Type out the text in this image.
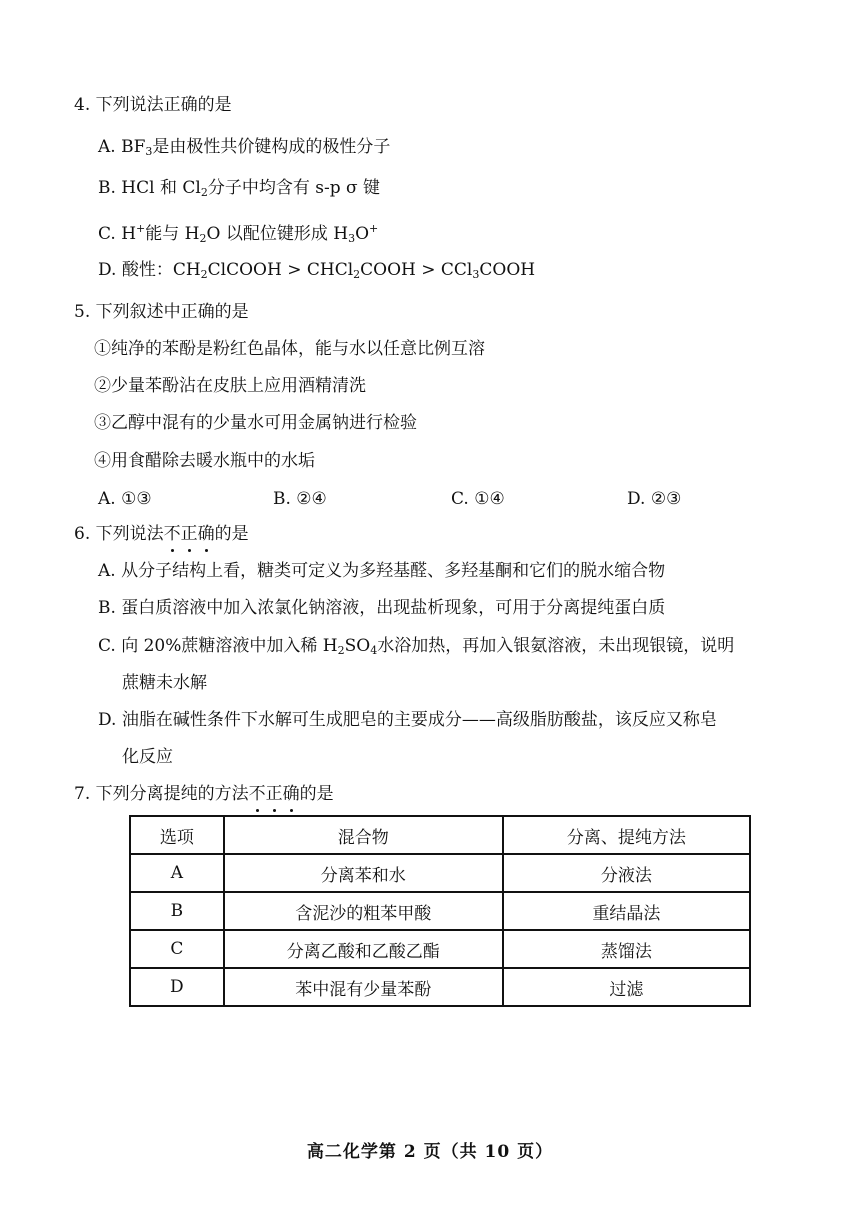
4. 下列说法正确的是
A. $BF_3$是由极性共价键构成的极性分子
B. HCl 和 $Cl_2$分子中均含有 s-p σ 键
C. H+能与 $H_2O$ 以配位键形成 $H_3O^+$
D. 酸性：$CH_2ClCOOH$ > CHCl$_2$COOH > CCl$_3$COOH
5. 下列叙述中正确的是
①纯净的苯酚是粉红色晶体，能与水以任意比例互溶
②少量苯酚沾在皮肤上应用酒精清洗
③乙醇中混有的少量水可用金属钠进行检验
④用食醋除去暖水瓶中的水垢
A. ①③	B. ②④	C. ①④	D. ②③
6. 下列说法不正确的是
A. 从分子结构上看，糖类可定义为多羟基醛、多羟基酮和它们的脱水缩合物
B. 蛋白质溶液中加入浓氯化钠溶液，出现盐析现象，可用于分离提纯蛋白质
C. 向 20%蔗糖溶液中加入稀 $H_2SO_4$水浴加热，再加入银氨溶液，未出现银镜，说明
蔗糖未水解
D. 油脂在碱性条件下水解可生成肥皂的主要成分——高级脂肪酸盐，该反应又称皂
化反应
7. 下列分离提纯的方法不正确的是
选项	混合物	分离、提纯方法
A	分离苯和水	分液法
B	含泥沙的粗苯甲酸	重结晶法
C	分离乙酸和乙酸乙酯	蒸馏法
D	苯中混有少量苯酚	过滤
高二化学第 2 页（共 10 页）
